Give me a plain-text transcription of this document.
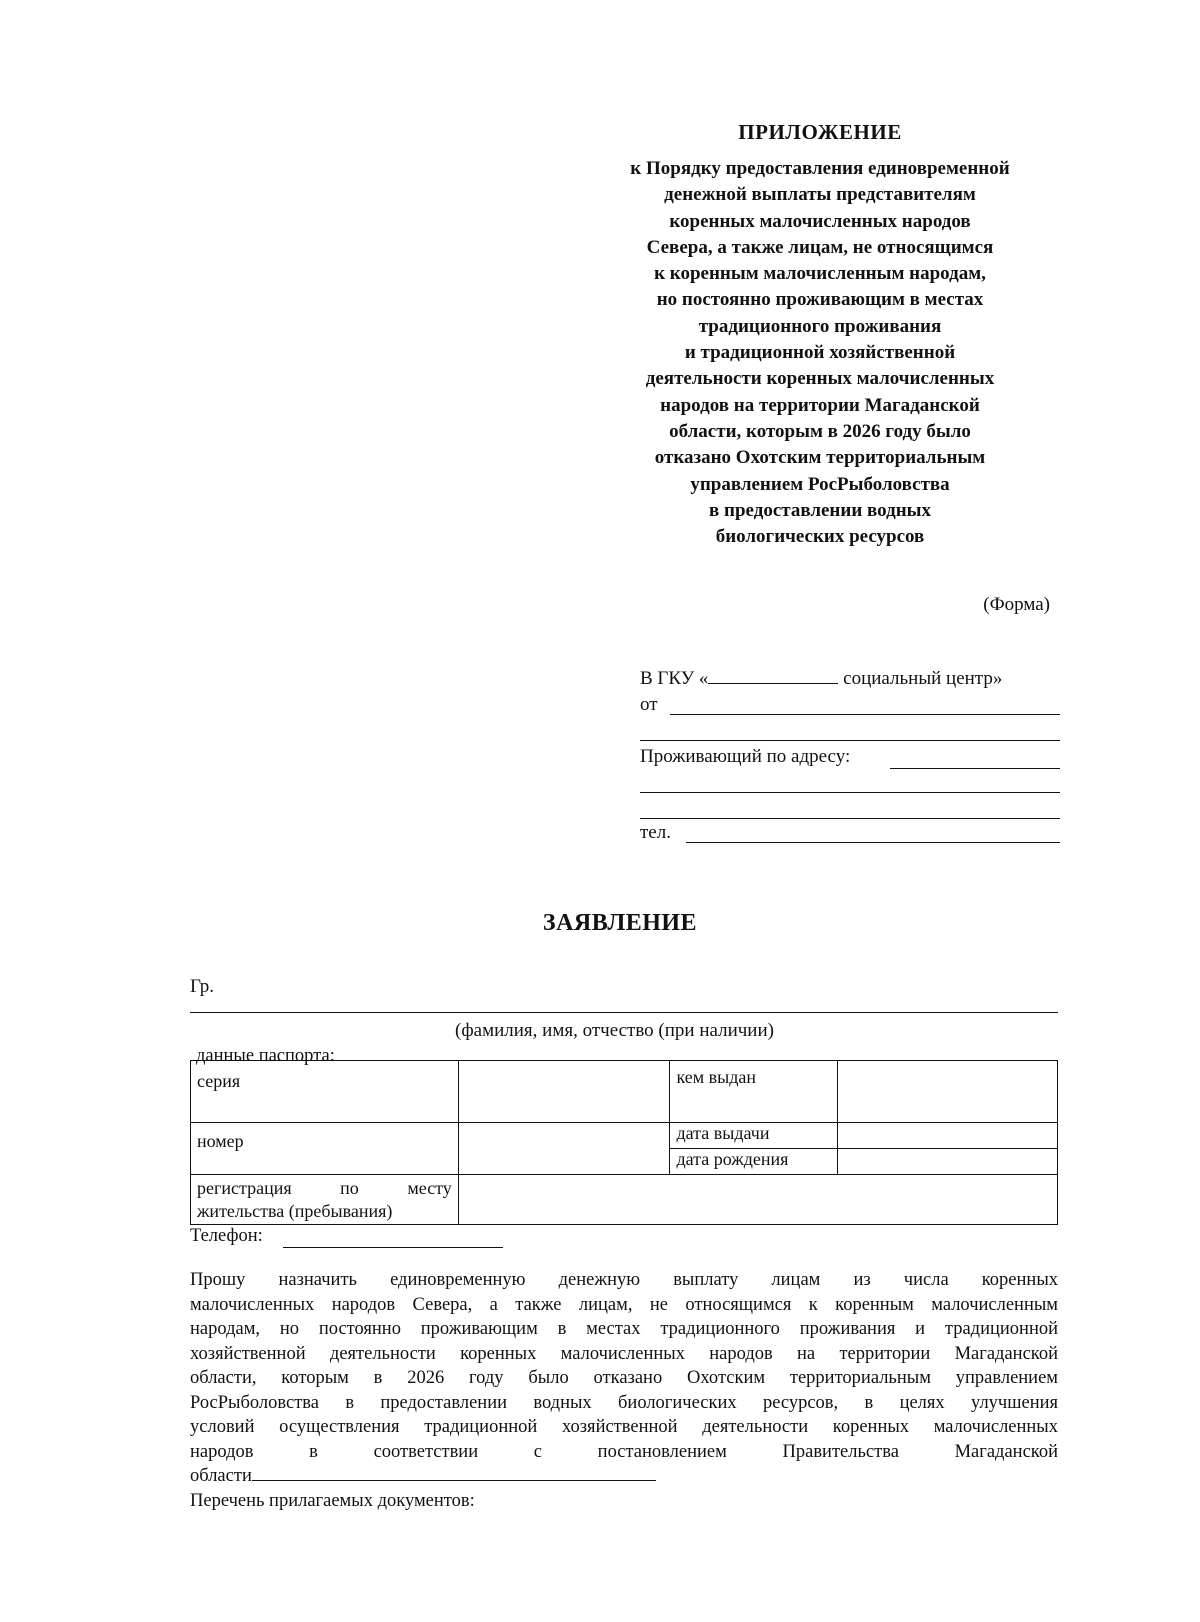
ПРИЛОЖЕНИЕ
к Порядку предоставления единовременной
денежной выплаты представителям
коренных малочисленных народов
Севера, а также лицам, не относящимся
к коренным малочисленным народам,
но постоянно проживающим в местах
традиционного проживания
и традиционной хозяйственной
деятельности коренных малочисленных
народов на территории Магаданской
области, которым в 2026 году было
отказано Охотским территориальным
управлением РосРыболовства
в предоставлении водных
биологических ресурсов
(Форма)
В ГКУ «	социальный центр»
от
Проживающий по адресу:
тел.
ЗАЯВЛЕНИЕ
Гр.
(фамилия, имя, отчество (при наличии)
данные паспорта:
серия		кем выдан	
номер		дата выдачи	
		дата рождения	

регистрация по месту
жительства (пребывания)			

Телефон:
Прошу назначить единовременную денежную выплату лицам из числа коренных
малочисленных народов Севера, а также лицам, не относящимся к коренным малочисленным
народам, но постоянно проживающим в местах традиционного проживания и традиционной
хозяйственной деятельности коренных малочисленных народов на территории Магаданской
области, которым в 2026 году было отказано Охотским территориальным управлением
РосРыболовства в предоставлении водных биологических ресурсов, в целях улучшения
условий осуществления традиционной хозяйственной деятельности коренных малочисленных
народов в соответствии с постановлением Правительства Магаданской
области
Перечень прилагаемых документов:
